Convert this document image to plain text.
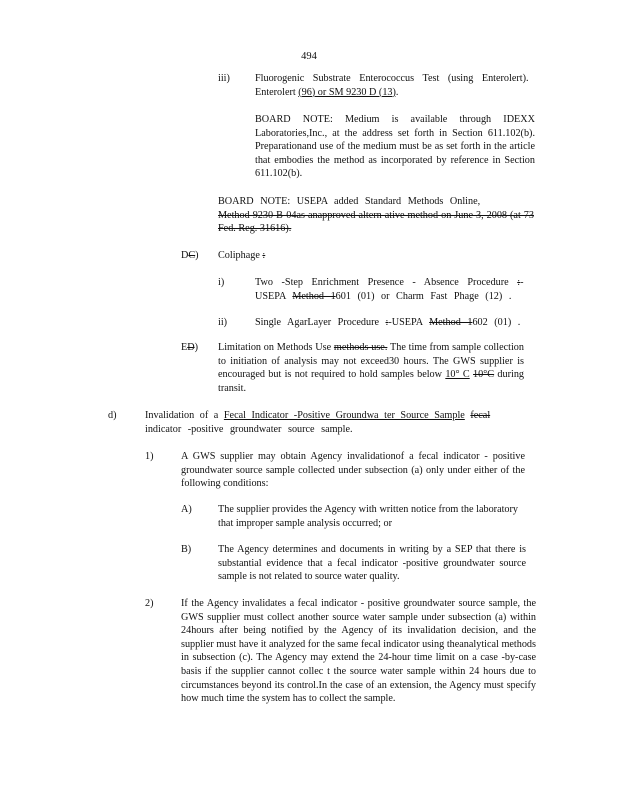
494
iii) Fluorogenic Substrate Enterococcus Test (using Enterolert).

Enterolert (96) or SM 9230 D (13).

BOARD NOTE: Medium is available through IDEXX Laboratories,Inc., at the address set forth in Section 611.102(b). Preparationand use of the medium must be as set forth in the article that embodies the method as incorporated by reference in Section 611.102(b).

BOARD NOTE: USEPA added Standard Methods Online,

Method 9230 B-04as anapproved altern ative method on June 3, 2008 (at 73 Fed. Reg. 31616).

DC) Coliphage :
i)	Two -Step Enrichment Presence - Absence Procedure :-

USEPA Method 1601 (01) or Charm Fast Phage (12) .

ii)	Single AgarLayer Procedure :-USEPA Method 1602 (01) .
ED) Limitation on Methods Use methods use. The time from sample collection to initiation of analysis may not exceed30 hours. The GWS supplier is encouraged but is not required to hold samples below 10° C 10°C during transit.
d)	Invalidation of a Fecal Indicator -Positive Groundwa ter Source Sample fecal

indicator -positive groundwater source sample.

1)	A GWS supplier may obtain Agency invalidationof a fecal indicator - positive groundwater source sample collected under subsection (a) only under either of the following conditions:
A)	The supplier provides the Agency with written notice from the laboratory that improper sample analysis occurred; or
B)	The Agency determines and documents in writing by a SEP that there is substantial evidence that a fecal indicator -positive groundwater source sample is not related to source water quality.
2)	If the Agency invalidates a fecal indicator - positive groundwater source sample, the GWS supplier must collect another source water sample under subsection (a) within 24hours after being notified by the Agency of its invalidation decision, and the supplier must have it analyzed for the same fecal indicator using theanalytical methods in subsection (c). The Agency may extend the 24-hour time limit on a case -by-case basis if the supplier cannot collec t the source water sample within 24 hours due to circumstances beyond its control.In the case of an extension, the Agency must specify how much time the system has to collect the sample.
